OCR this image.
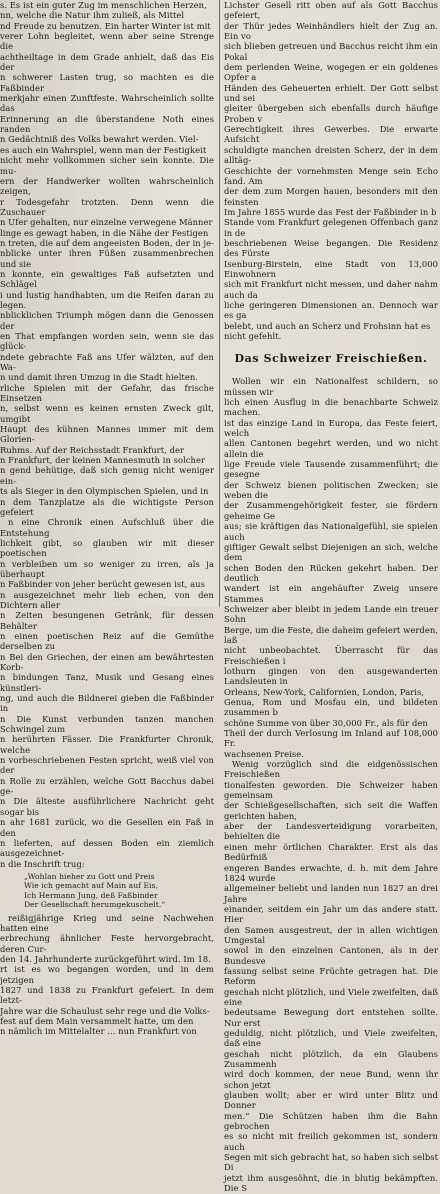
s. Es ist ein guter Zug im menschlichen Herzen,

nn, welche die Natur ihm zuließ, als Mittel

nd Freude zu benutzen. Ein harter Winter ist mit

verer Lohn begleitet, wenn aber seine Strenge die

achtheiltage in dem Grade anhielt, daß das Eis der

n schwerer Lasten trug, so machten es die Faßbinder

merkjahr einen Zunftfeste. Wahrscheinlich sollte das

Erinnerung an die überstandene Noth eines randen

n Gedächtniß des Volks bewahrt werden. Viel-

es auch ein Wahrspiel, wenn man der Festigkeit

nicht mehr vollkommen sicher sein konnte. Die mu-

ern der Handwerker wollten wahrscheinlich zeigen,

r Todesgefahr trotzten. Denn wenn die Zuschauer

n Ufer gehalten, nur einzelne verwegene Männer

linge es gewagt haben, in die Nähe der Festigen

n treten, die auf dem angeeisten Boden, der in je-

nblicke unter ihren Füßen zusammenbrechen und sie

n konnte, ein gewaltiges Faß aufsetzten und Schlägel

i und lustig handhabten, um die Reifen daran zu legen.

nblicklichen Triumph mögen dann die Genossen der

en That empfangen worden sein, wenn sie das glück-

ndete gebrachte Faß ans Ufer wälzten, auf den Wa-

n und damit ihren Umzug in die Stadt hielten.

rliche Spielen mit der Gefahr, das frische Einsetzen

n, selbst wenn es keinen ernsten Zweck gilt, umgibt

Haupt des kühnen Mannes immer mit dem Glorien-

Ruhms. Auf der Reichsstadt Frankfurt, der

n Frankfurt, der keinen Mannesmuth in solcher

n gend behütige, daß sich genug nicht weniger ein-

ts als Sieger in den Olympischen Spielen, und in

n dem Tanzplatze als die wichtigste Person gefeiert

n eine Chronik einen Aufschluß über die Entstehung

lichkeit gibt, so glauben wir mit dieser poetischen

n verbleiben um so weniger zu irren, als ja überhaupt

n Faßbinder von jeher berücht gewesen ist, aus

n ausgezeichnet mehr lieb echen, von den Dichtern aller

n Zeiten besungenen Getränk, für dessen Behälter

n einen poetischen Reiz auf die Gemüthe derselben zu

n Bei den Griechen, der einen am bewährtesten Korb-

n bindungen Tanz, Musik und Gesang eines künstleri-

ng, und auch die Bildnerei gieben die Faßbinder in

n Die Kunst verbunden tanzen manchen Schwingel zum

n herührten Fässer. Die Frankfurter Chronik, welche

n vorbeschriebenen Festen spricht, weiß viel von der

n Rolle zu erzählen, welche Gott Bacchus dabei ge-

n Die älteste ausführlichere Nachricht geht sogar bis

n ahr 1681 zurück, wo die Gesellen ein Faß in den

n lieferten, auf dessen Boden ein ziemlich ausgezeichnet-

n die Inschrift trug:

„Wohlan hieher zu Gott und Preis

Wie ich gemacht auf Main auf Eis,

Ich Hermann Jung, deß Faßbinder

Der Gesellschaft herumgekuschelt.“

reißigjährige Krieg und seine Nachwehen hatten eine

erbrechung ähnlicher Feste hervorgebracht, deren Cur-

den 14. Jahrhunderte zurückgeführt wird. Im 18.

rt ist es wo begangen worden, und in dem jetzigen

1827 und 1838 zu Frankfurt gefeiert. In dem letzt-

Jahre war die Schaulust sehr rege und die Volks-

fest auf dem Main versammelt hatte, um den

n nämlich im Mittelalter ... nun Frankfurt von

Lichster Gesell ritt oben auf als Gott Bacchus gefeiert,

der Thür jedes Weinhändlers hielt der Zug an. Ein vo

sich blieben getreuen und Bacchus reicht ihm ein Pokal

dem perlenden Weine, wogegen er ein goldenes Opfer a

Händen des Geheuerten erhielt. Der Gott selbst und sei

gleiter übergeben sich ebenfalls durch häufige Proben v

Gerechtigkeit ihres Gewerbes. Die erwarte Aufsicht

schuldigte manchen dreisten Scherz, der in dem alltäg-

Geschichte der vornehmsten Menge sein Echo fand. Am

der dem zum Morgen hauen, besonders mit den feinsten

Im Jahre 1855 wurde das Fest der Faßbinder in b

Stande vom Frankfurt gelegenen Offenbach ganz in de

beschriebenen Weise begangen. Die Residenz des Fürste

Isenburg-Birstein, eine Stadt von 13,000 Einwohnern

sich mit Frankfurt nicht messen, und daher nahm auch da

liche geringeren Dimensionen an. Dennoch war es ga

belebt, und auch an Scherz und Frohsinn hat es

nicht gefehlt.

Das Schweizer Freischießen.

Wollen wir ein Nationalfest schildern, so müssen wir

lich einen Ausflug in die benachbarte Schweiz machen.

ist das einzige Land in Europa, das Feste feiert, welch

allen Cantonen begehrt werden, und wo nicht allein die

lige Freude viele Tausende zusammenführt; die gesegne

der Schweiz bienen politischen Zwecken; sie weben die

der Zusammengehörigkeit fester, sie fördern geheime Ge

aus; sie kräftigen das Nationalgefühl, sie spielen auch

giftiger Gewalt selbst Diejenigen an sich, welche dem

schen Boden den Rücken gekehrt haben. Der deutlich

wandert ist ein angehäufter Zweig unsere Stammes

Schweizer aber bleibt in jedem Lande ein treuer Sohn

Berge, um die Feste, die daheim gefeiert werden, laß

nicht unbeobachtet. Überrascht für das Freischießen i

lothurn gingen von den ausgewanderten Landsleuten in

Orleans, New-York, Californien, London, Paris,

Genua, Rom und Mosfau ein, und bildeten zusammen b

schöne Summe von über 30,000 Fr., als für den

Theil der durch Verlosung im Inland auf 108,000 Fr.

wachsenen Preise.

Wenig vorzüglich sind die eidgenössischen Freischießen

tionalfesten geworden. Die Schweizer haben gemeinsam

der Schießgesellschaften, sich seit die Waffen gerichten haben,

aber der Landesverteidigung vorarbeiten, behielten die

einen mehr örtlichen Charakter. Erst als das Bedürfniß

engeren Bandes erwachte, d. h. mit dem Jahre 1824 wurde

allgemeiner beliebt und landen nun 1827 an drei Jahre

einander, seitdem ein Jahr um das andere statt. Hier

den Samen ausgestreut, der in allen wichtigen Umgestal

sowol in den einzelnen Cantonen, als in der Bundesve

fassung selbst seine Früchte getragen hat. Die Reform

geschah nicht plötzlich, und Viele zweifelten, daß eine

bedeutsame Bewegung dort entstehen sollte. Nur erst

geduldig, nicht plötzlich, und Viele zweifelten, daß eine

geschah nicht plötzlich, da ein Glaubens Zusammenh

wird doch kommen, der neue Bund, wenn ihr schon jetzt

glauben wollt; aber er wird unter Blitz und Donner

men.“ Die Schützen haben ihm die Bahn gebrochen

es so nicht mit freilich gekommen ist, sondern auch

Segen mit sich gebracht hat, so haben sich selbst Di

jetzt ihm ausgesöhnt, die in blutig bekämpften. Die S
